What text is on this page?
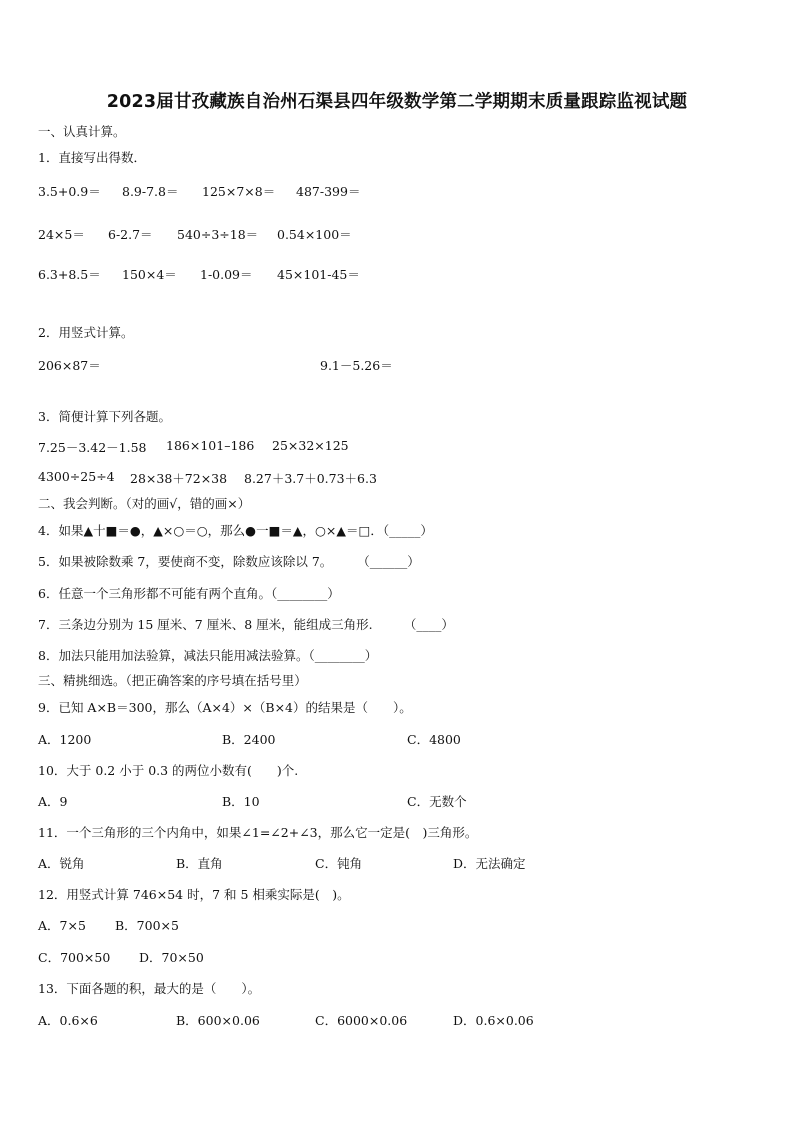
2023届甘孜藏族自治州石渠县四年级数学第二学期期末质量跟踪监视试题
一、认真计算。
1．直接写出得数．
3.5+0.9＝ 8.9-7.8＝ 125×7×8＝ 487-399＝
24×5＝ 6-2.7＝ 540÷3÷18＝ 0.54×100＝
6.3+8.5＝ 150×4＝ 1-0.09＝ 45×101-45＝
2．用竖式计算。
206×87＝	9.1－5.26＝
3．简便计算下列各题。
7.25－3.42－1.58 186×101–186 25×32×125
4300÷25÷4 28×38＋72×38 8.27＋3.7＋0.73＋6.3
二、我会判断。（对的画√，错的画×）
4．如果▲十■＝●，▲×○＝○，那么●一■＝▲，○×▲＝□．（_____）
5．如果被除数乘 7，要使商不变，除数应该除以 7。　　　（______）
6．任意一个三角形都不可能有两个直角。（________）
7．三条边分别为 15 厘米、7 厘米、8 厘米，能组成三角形.　　　（____）
8．加法只能用加法验算，减法只能用减法验算。（________）
三、精挑细选。（把正确答案的序号填在括号里）
9．已知 A×B＝300，那么（A×4）×（B×4）的结果是（　　）。
A．1200	B．2400	C．4800
10．大于 0.2 小于 0.3 的两位小数有(　　)个.
A．9	B．10	C．无数个
11．一个三角形的三个内角中，如果∠1=∠2+∠3，那么它一定是(　)三角形。
A．锐角	B．直角	C．钝角	D．无法确定
12．用竖式计算 746×54 时，7 和 5 相乘实际是(　)。
A．7×5 B．700×5
C．700×50 D．70×50
13．下面各题的积，最大的是（　　）。
A．0.6×6	B．600×0.06	C．6000×0.06	D．0.6×0.06
